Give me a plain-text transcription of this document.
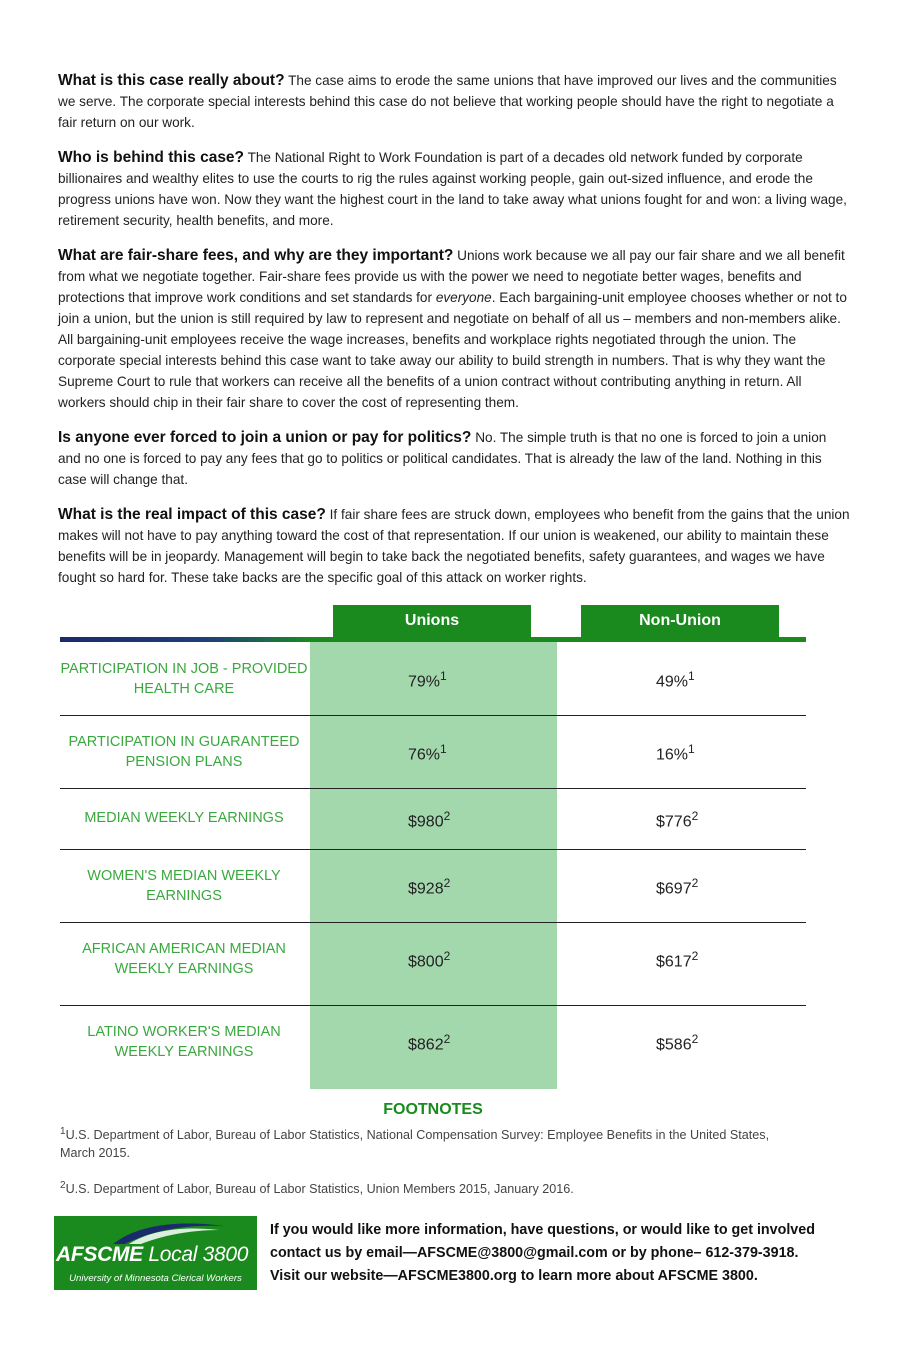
What is this case really about? The case aims to erode the same unions that have improved our lives and the communities we serve. The corporate special interests behind this case do not believe that working people should have the right to negotiate a fair return on our work.

Who is behind this case? The National Right to Work Foundation is part of a decades old network funded by corporate billionaires and wealthy elites to use the courts to rig the rules against working people, gain out-sized influence, and erode the progress unions have won. Now they want the highest court in the land to take away what unions fought for and won: a living wage, retirement security, health benefits, and more.

What are fair-share fees, and why are they important? Unions work because we all pay our fair share and we all benefit from what we negotiate together. Fair-share fees provide us with the power we need to negotiate better wages, benefits and protections that improve work conditions and set standards for everyone. Each bargaining-unit employee chooses whether or not to join a union, but the union is still required by law to represent and negotiate on behalf of all us – members and non-members alike. All bargaining-unit employees receive the wage increases, benefits and workplace rights negotiated through the union. The corporate special interests behind this case want to take away our ability to build strength in numbers. That is why they want the Supreme Court to rule that workers can receive all the benefits of a union contract without contributing anything in return. All workers should chip in their fair share to cover the cost of representing them.

Is anyone ever forced to join a union or pay for politics? No. The simple truth is that no one is forced to join a union and no one is forced to pay any fees that go to politics or political candidates. That is already the law of the land. Nothing in this case will change that.

What is the real impact of this case? If fair share fees are struck down, employees who benefit from the gains that the union makes will not have to pay anything toward the cost of that representation. If our union is weakened, our ability to maintain these benefits will be in jeopardy. Management will begin to take back the negotiated benefits, safety guarantees, and wages we have fought so hard for. These take backs are the specific goal of this attack on worker rights.

Unions	Non-Union
PARTICIPATION IN JOB - PROVIDED HEALTH CARE	79%$^1$	49%$^1$
PARTICIPATION IN GUARANTEED PENSION PLANS	76%$^1$	16%$^1$
MEDIAN WEEKLY EARNINGS	$\$980^2$	$\$776^2$
WOMEN'S MEDIAN WEEKLY EARNINGS	$\$928^2$	$\$697^2$
AFRICAN AMERICAN MEDIAN WEEKLY EARNINGS	$\$800^2$	$\$617^2$
LATINO WORKER'S MEDIAN WEEKLY EARNINGS	$\$862^2$	$\$586^2$
FOOTNOTES
$^1$U.S. Department of Labor, Bureau of Labor Statistics, National Compensation Survey: Employee Benefits in the United States, March 2015.
$^2$U.S. Department of Labor, Bureau of Labor Statistics, Union Members 2015, January 2016.
AFSCME Local 3800
University of Minnesota Clerical Workers

If you would like more information, have questions, or would like to get involved

contact us by email—AFSCME@3800@gmail.com or by phone– 612-379-3918.

Visit our website—AFSCME3800.org to learn more about AFSCME 3800.
